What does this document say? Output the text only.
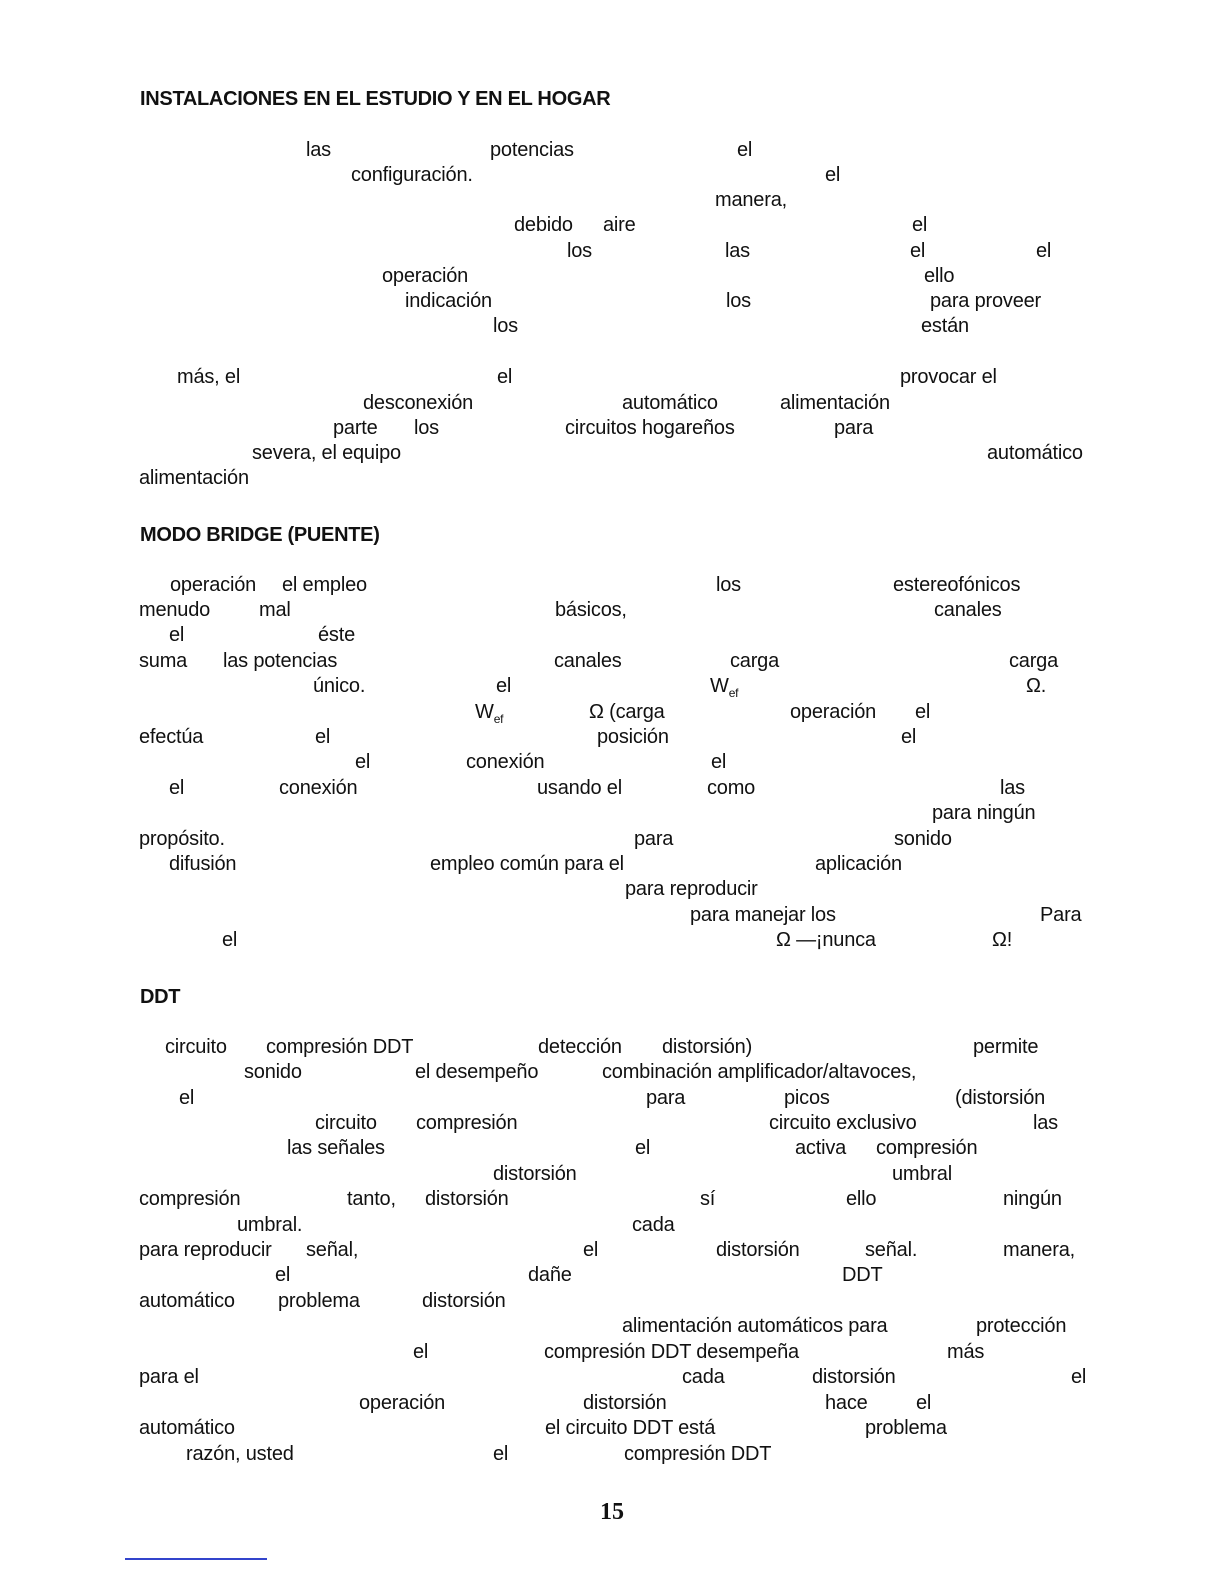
INSTALACIONES EN EL ESTUDIO Y EN EL HOGAR
las	potencias	el
configuración.	el
manera,
debido aire	el
los	las	el	el
operación	ello
indicación	los	para proveer
los	están
más, el	el	provocar el
desconexión	automático	alimentación
parte los	circuitos hogareños	para
severa, el equipo	automático
alimentación
MODO BRIDGE (PUENTE)
operación el empleo	los	estereofónicos
menudo mal	básicos,	canales
el	éste
suma las potencias	canales	carga	carga
único.	el	$W_{ef}$	Ω.
$W_{ef}$	Ω (carga	operación el
efectúa	el	posición	el
el	conexión	el
el	conexión	usando el	como	las
para ningún
propósito.	para	sonido
difusión	empleo común para el	aplicación
para reproducir
para manejar los	Para
el	Ω —¡nunca	Ω!
DDT
circuito compresión DDT	detección distorsión)	permite
sonido	el desempeño	combinación amplificador/altavoces,
el	para	picos	(distorsión
circuito compresión	circuito exclusivo	las
las señales	el	activa compresión
distorsión	umbral
compresión	tanto, distorsión	sí	ello	ningún
umbral.	cada
para reproducir señal,	el	distorsión	señal.	manera,
el	dañe	DDT
automático problema	distorsión
alimentación automáticos para	protección
el	compresión DDT desempeña	más
para el	cada	distorsión	el
operación	distorsión	hace el
automático	el circuito DDT está	problema
razón, usted	el	compresión DDT
15
